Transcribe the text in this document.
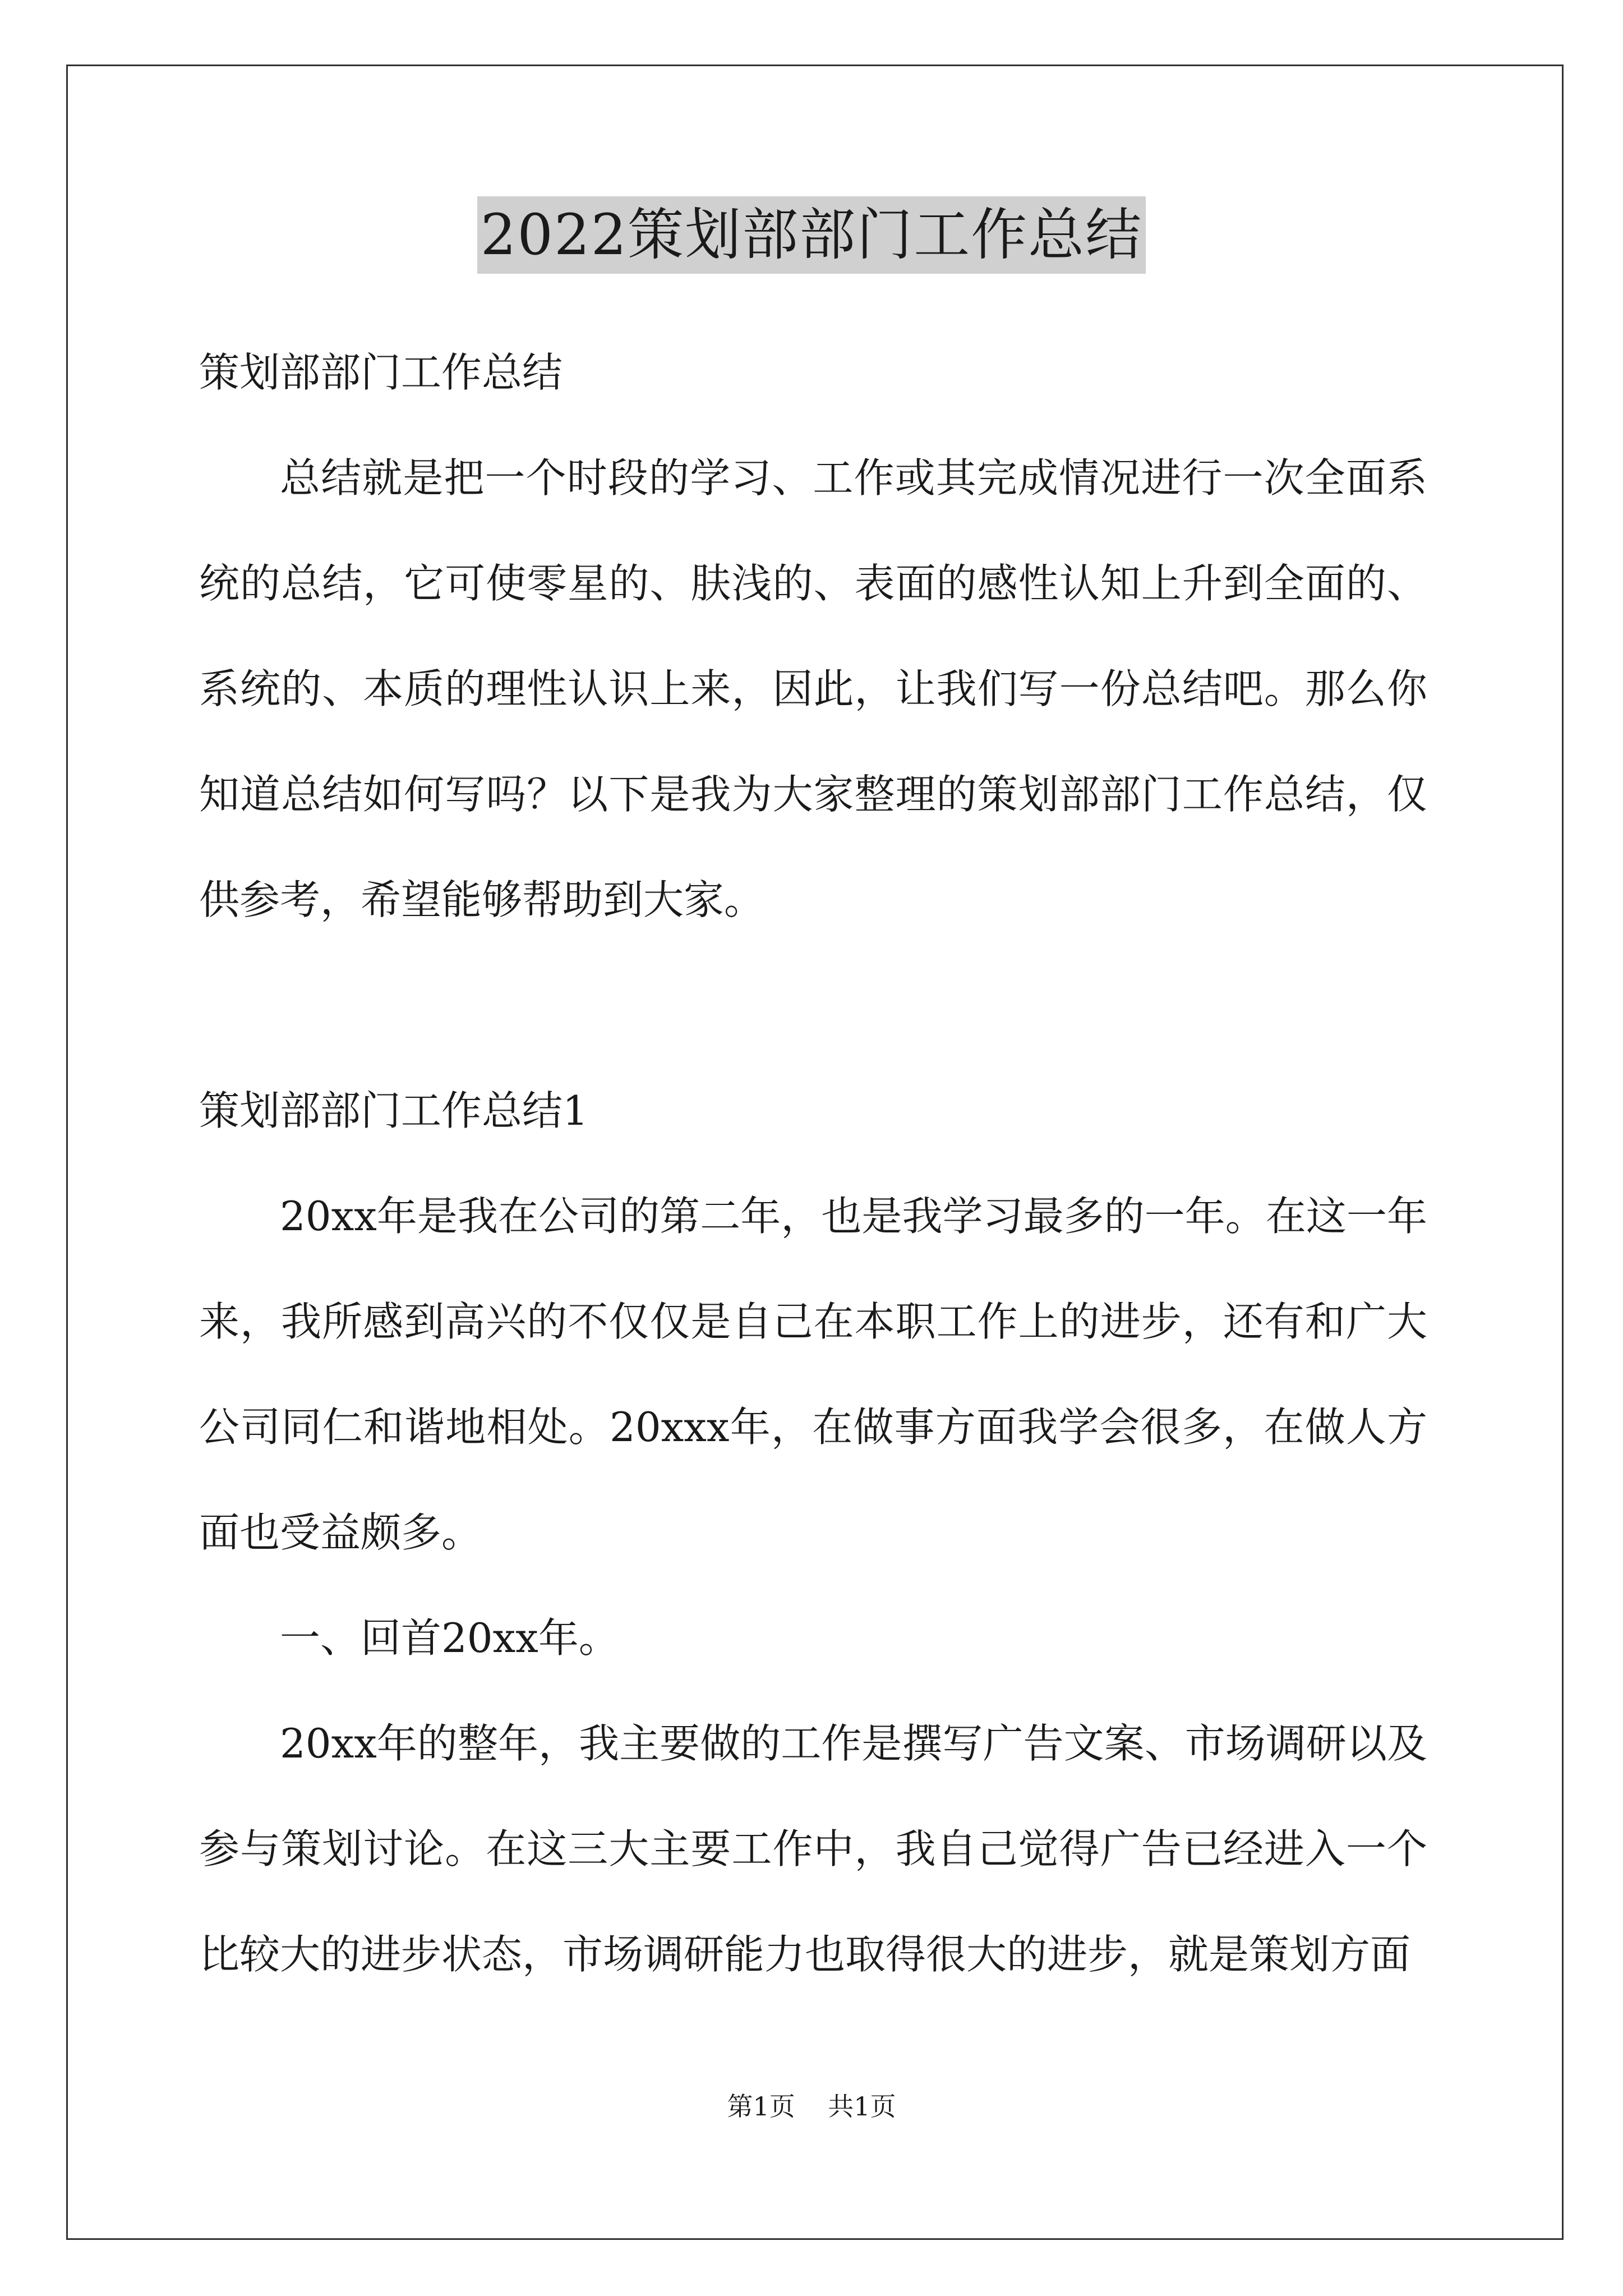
2022策划部部门工作总结

策划部部门工作总结

总结就是把一个时段的学习、工作或其完成情况进行一次全面系统的总结，它可使零星的、肤浅的、表面的感性认知上升到全面的、系统的、本质的理性认识上来，因此，让我们写一份总结吧。那么你知道总结如何写吗？以下是我为大家整理的策划部部门工作总结，仅供参考，希望能够帮助到大家。

策划部部门工作总结1

20xx年是我在公司的第二年，也是我学习最多的一年。在这一年来，我所感到高兴的不仅仅是自己在本职工作上的进步，还有和广大公司同仁和谐地相处。20xxx年，在做事方面我学会很多，在做人方面也受益颇多。

一、回首20xx年。

20xx年的整年，我主要做的工作是撰写广告文案、市场调研以及参与策划讨论。在这三大主要工作中，我自己觉得广告已经进入一个比较大的进步状态，市场调研能力也取得很大的进步，就是策划方面

第1页    共1页
